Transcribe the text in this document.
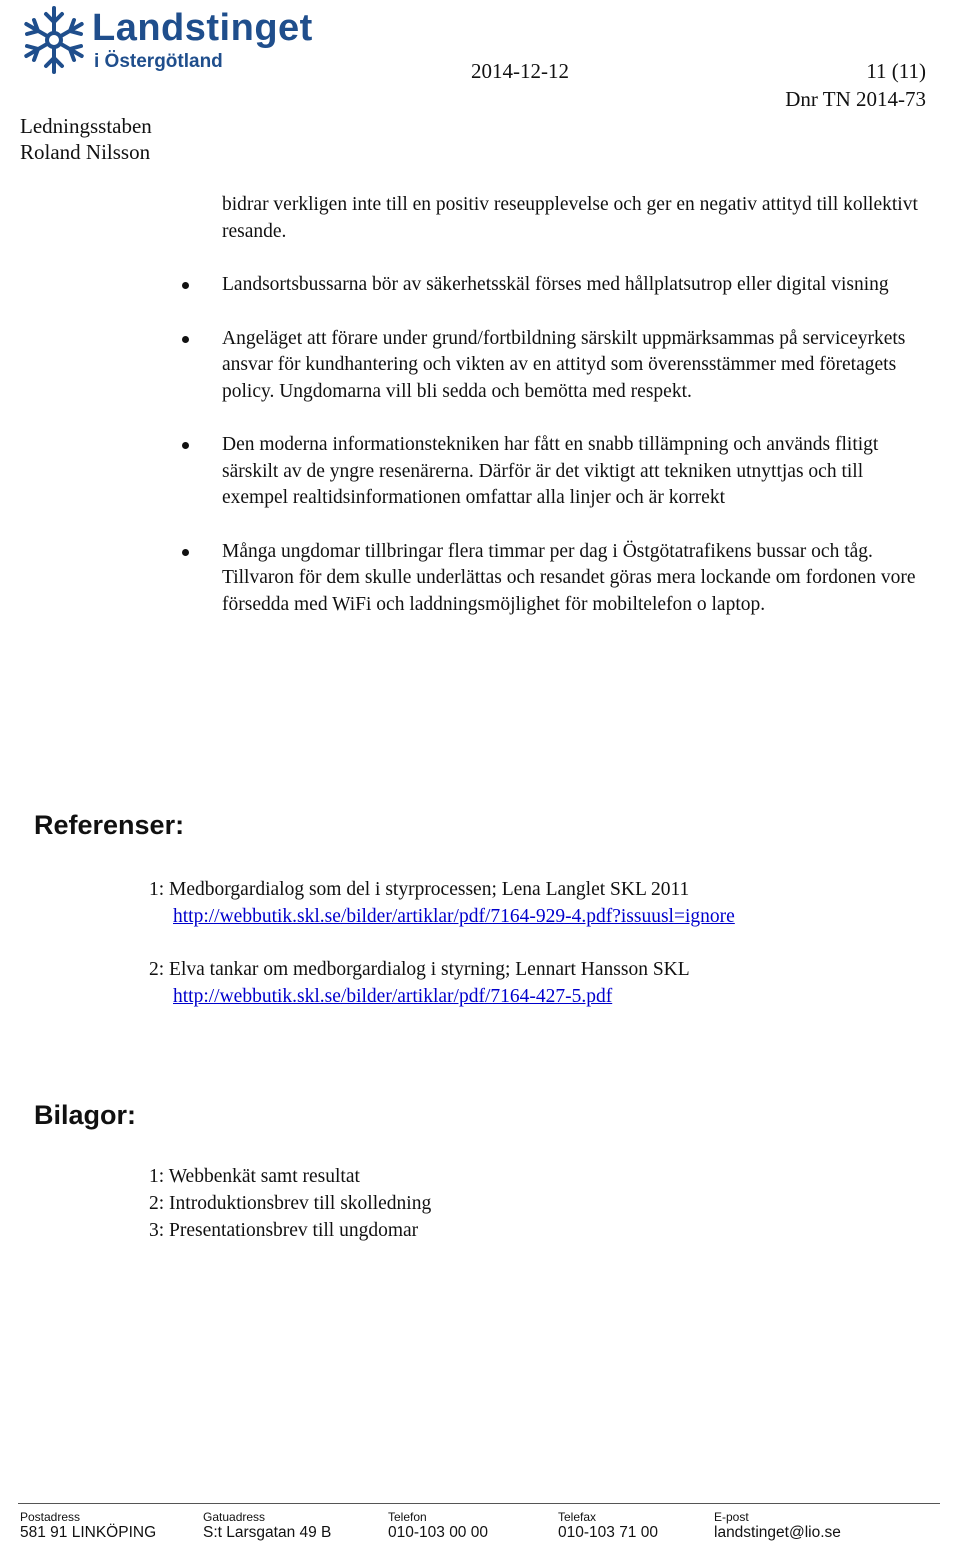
Landstinget
i Östergötland	2014-12-12	11 (11)
Dnr TN 2014-73
Ledningsstaben
Roland Nilsson
bidrar verkligen inte till en positiv reseupplevelse och ger en negativ attityd till kollektivt resande.
Landsortsbussarna bör av säkerhetsskäl förses med hållplatsutrop eller digital visning
Angeläget att förare under grund/fortbildning särskilt uppmärksammas på serviceyrkets ansvar för kundhantering och vikten av en attityd som överensstämmer med företagets policy. Ungdomarna vill bli sedda och bemötta med respekt.
Den moderna informationstekniken har fått en snabb tillämpning och används flitigt särskilt av de yngre resenärerna. Därför är det viktigt att tekniken utnyttjas och till exempel realtidsinformationen omfattar alla linjer och är korrekt
Många ungdomar tillbringar flera timmar per dag i Östgötatrafikens bussar och tåg. Tillvaron för dem skulle underlättas och resandet göras mera lockande om fordonen vore försedda med WiFi och laddningsmöjlighet för mobiltelefon o laptop.
Referenser:
1: Medborgardialog som del i styrprocessen; Lena Langlet SKL 2011
http://webbutik.skl.se/bilder/artiklar/pdf/7164-929-4.pdf?issuusl=ignore
2: Elva tankar om medborgardialog i styrning; Lennart Hansson SKL
http://webbutik.skl.se/bilder/artiklar/pdf/7164-427-5.pdf
Bilagor:
1: Webbenkät samt resultat
2: Introduktionsbrev till skolledning
3: Presentationsbrev till ungdomar
Postadress
581 91 LINKÖPING
Gatuadress
S:t Larsgatan 49 B
Telefon
010-103 00 00
Telefax
010-103 71 00
E-post
landstinget@lio.se
